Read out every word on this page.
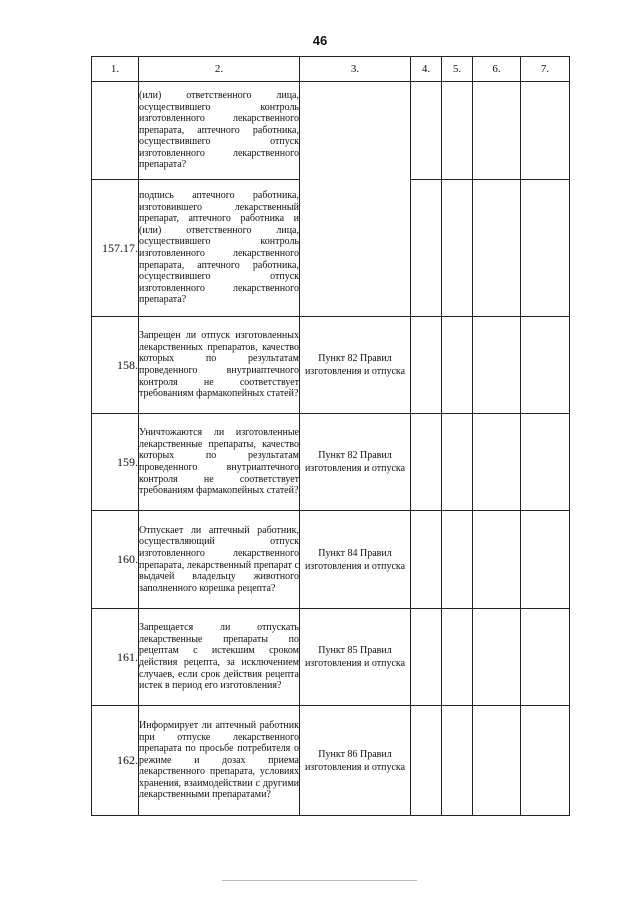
46
1.	2.	3.	4.	5.	6.	7.
	(или) ответственного лица, осуществившего контроль изготовленного лекарственного препарата, аптечного работника, осуществившего отпуск изготовленного лекарственного препарата?					
157.17.	подпись аптечного работника, изготовившего лекарственный препарат, аптечного работника и (или) ответственного лица, осуществившего контроль изготовленного лекарственного препарата, аптечного работника, осуществившего отпуск изготовленного лекарственного препарата?					
158.	Запрещен ли отпуск изготовленных лекарственных препаратов, качество которых по результатам проведенного внутриаптечного контроля не соответствует требованиям фармакопейных статей?	Пункт 82 Правил изготовления и отпуска				
159.	Уничтожаются ли изготовленные лекарственные препараты, качество которых по результатам проведенного внутриаптечного контроля не соответствует требованиям фармакопейных статей?	Пункт 82 Правил изготовления и отпуска				
160.	Отпускает ли аптечный работник, осуществляющий отпуск изготовленного лекарственного препарата, лекарственный препарат с выдачей владельцу животного заполненного корешка рецепта?	Пункт 84 Правил изготовления и отпуска				
161.	Запрещается ли отпускать лекарственные препараты по рецептам с истекшим сроком действия рецепта, за исключением случаев, если срок действия рецепта истек в период его изготовления?	Пункт 85 Правил изготовления и отпуска				
162.	Информирует ли аптечный работник при отпуске лекарственного препарата по просьбе потребителя о режиме и дозах приема лекарственного препарата, условиях хранения, взаимодействии с другими лекарственными препаратами?	Пункт 86 Правил изготовления и отпуска				
